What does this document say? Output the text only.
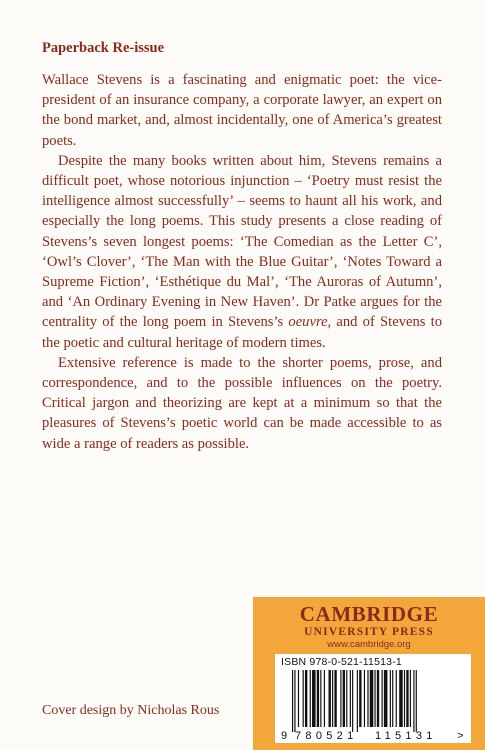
Paperback Re-issue

Wallace Stevens is a fascinating and enigmatic poet: the vice-president of an insurance company, a corporate lawyer, an expert on the bond market, and, almost incidentally, one of America’s greatest poets.

Despite the many books written about him, Stevens remains a difficult poet, whose notorious injunction – ‘Poetry must resist the intelligence almost successfully’ – seems to haunt all his work, and especially the long poems. This study presents a close reading of Stevens’s seven longest poems: ‘The Comedian as the Letter C’, ‘Owl’s Clover’, ‘The Man with the Blue Guitar’, ‘Notes Toward a Supreme Fiction’, ‘Esthétique du Mal’, ‘The Auroras of Autumn’, and ‘An Ordinary Evening in New Haven’. Dr Patke argues for the centrality of the long poem in Stevens’s oeuvre, and of Stevens to the poetic and cultural heritage of modern times.

Extensive reference is made to the shorter poems, prose, and correspondence, and to the possible influences on the poetry. Critical jargon and theorizing are kept at a minimum so that the pleasures of Stevens’s poetic world can be made accessible to as wide a range of readers as possible.

CAMBRIDGE
UNIVERSITY PRESS
www.cambridge.org
ISBN 978-0-521-11513-1
9 780521 115131 >
Cover design by Nicholas Rous
